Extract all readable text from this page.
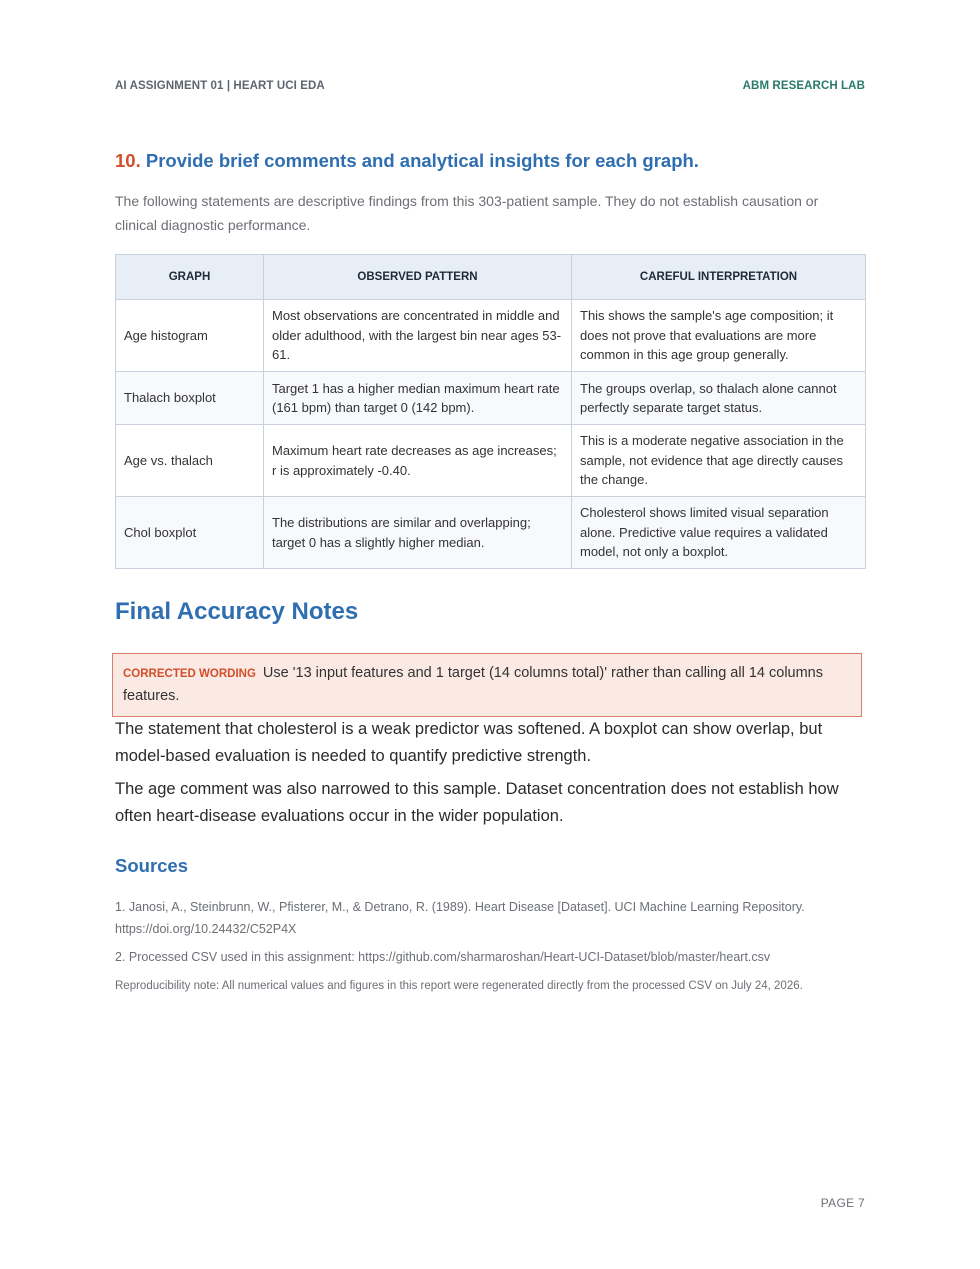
AI ASSIGNMENT 01 | HEART UCI EDA	ABM RESEARCH LAB
10. Provide brief comments and analytical insights for each graph.
The following statements are descriptive findings from this 303-patient sample. They do not establish causation or clinical diagnostic performance.
GRAPH	OBSERVED PATTERN	CAREFUL INTERPRETATION
Age histogram	Most observations are concentrated in middle and older adulthood, with the largest bin near ages 53-61.	This shows the sample's age composition; it does not prove that evaluations are more common in this age group generally.
Thalach boxplot	Target 1 has a higher median maximum heart rate (161 bpm) than target 0 (142 bpm).	The groups overlap, so thalach alone cannot perfectly separate target status.
Age vs. thalach	Maximum heart rate decreases as age increases; r is approximately -0.40.	This is a moderate negative association in the sample, not evidence that age directly causes the change.
Chol boxplot	The distributions are similar and overlapping; target 0 has a slightly higher median.	Cholesterol shows limited visual separation alone. Predictive value requires a validated model, not only a boxplot.
Final Accuracy Notes
CORRECTED WORDING Use '13 input features and 1 target (14 columns total)' rather than calling all 14 columns features.
The statement that cholesterol is a weak predictor was softened. A boxplot can show overlap, but model-based evaluation is needed to quantify predictive strength.
The age comment was also narrowed to this sample. Dataset concentration does not establish how often heart-disease evaluations occur in the wider population.
Sources
1. Janosi, A., Steinbrunn, W., Pfisterer, M., & Detrano, R. (1989). Heart Disease [Dataset]. UCI Machine Learning Repository. https://doi.org/10.24432/C52P4X
2. Processed CSV used in this assignment: https://github.com/sharmaroshan/Heart-UCI-Dataset/blob/master/heart.csv
Reproducibility note: All numerical values and figures in this report were regenerated directly from the processed CSV on July 24, 2026.
PAGE 7
